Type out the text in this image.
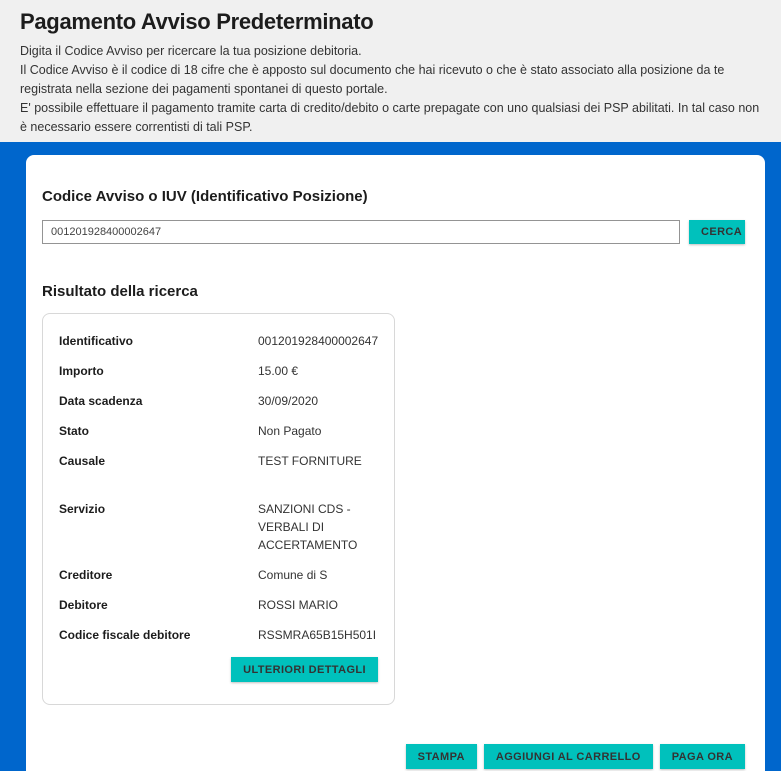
Pagamento Avviso Predeterminato
Digita il Codice Avviso per ricercare la tua posizione debitoria.
Il Codice Avviso è il codice di 18 cifre che è apposto sul documento che hai ricevuto o che è stato associato alla posizione da te registrata nella sezione dei pagamenti spontanei di questo portale.
E' possibile effettuare il pagamento tramite carta di credito/debito o carte prepagate con uno qualsiasi dei PSP abilitati. In tal caso non è necessario essere correntisti di tali PSP.
Codice Avviso o IUV (Identificativo Posizione)
001201928400002647
CERCA
Risultato della ricerca
Identificativo	001201928400002647
Importo	15.00 €
Data scadenza	30/09/2020
Stato	Non Pagato
Causale	TEST FORNITURE
Servizio	SANZIONI CDS - VERBALI DI ACCERTAMENTO
Creditore	Comune di S
Debitore	ROSSI MARIO
Codice fiscale debitore	RSSMRA65B15H501I
ULTERIORI DETTAGLI
STAMPA	AGGIUNGI AL CARRELLO	PAGA ORA
